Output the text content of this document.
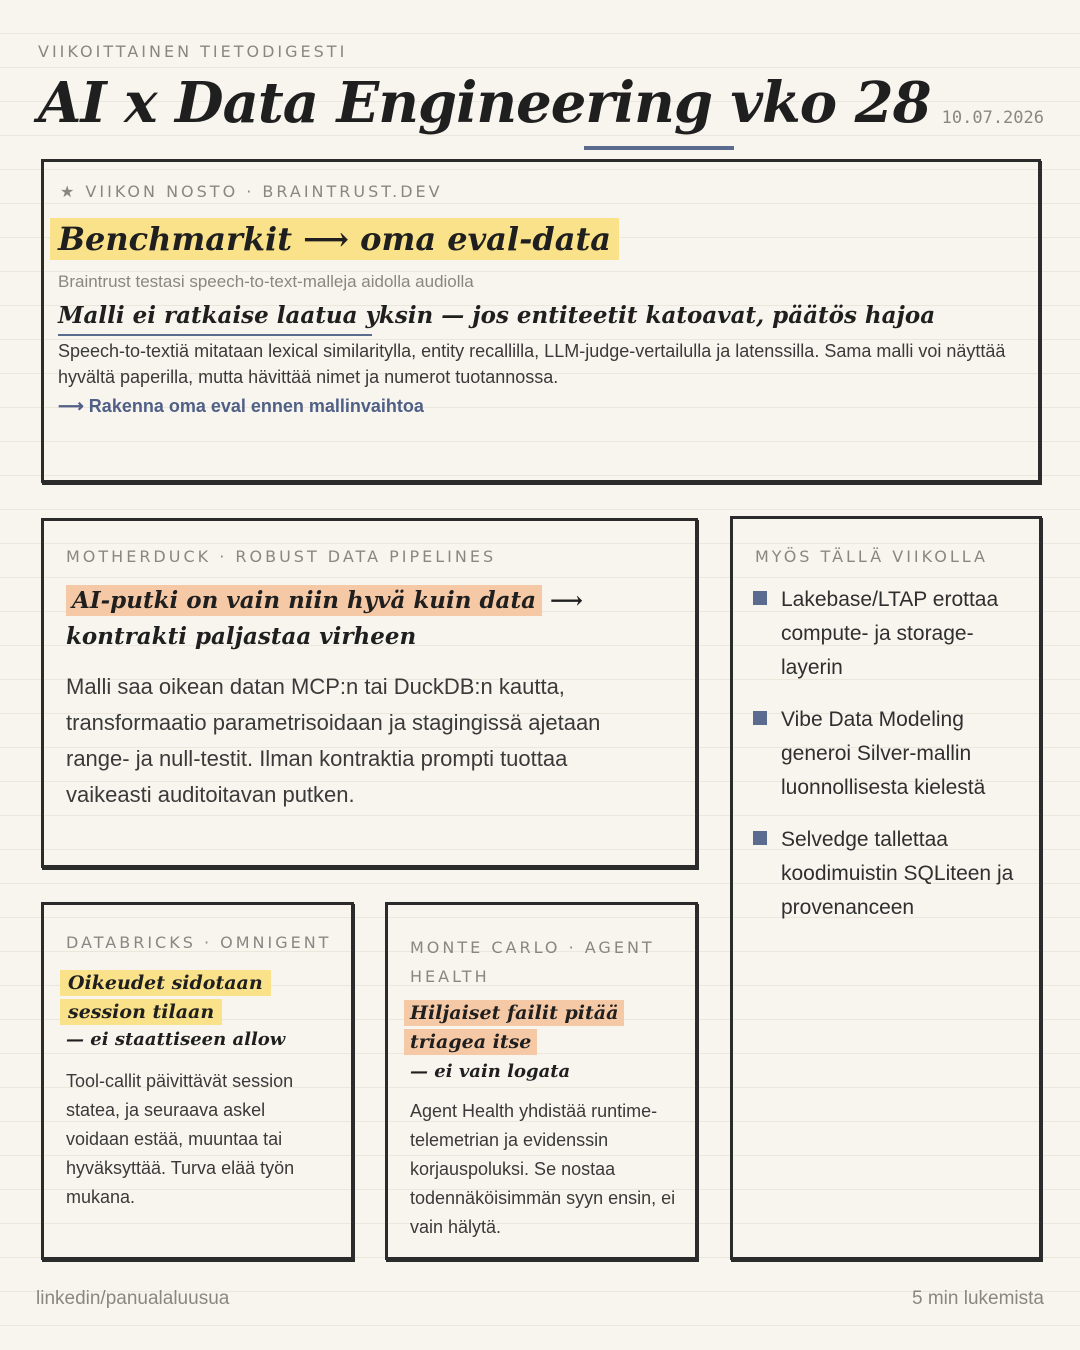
VIIKOITTAINEN TIETODIGESTI
AI x Data Engineering vko 28 10.07.2026
★ VIIKON NOSTO · BRAINTRUST.DEV
Benchmarkit ⟶ oma eval-data
Braintrust testasi speech-to-text-malleja aidolla audiolla
Malli ei ratkaise laatua yksin — jos entiteetit katoavat, päätös hajoa
Speech-to-textiä mitataan lexical similaritylla, entity recallilla, LLM-judge-vertailulla ja latenssilla. Sama malli voi näyttää hyvältä paperilla, mutta hävittää nimet ja numerot tuotannossa.
⟶ Rakenna oma eval ennen mallinvaihtoa
MOTHERDUCK · ROBUST DATA PIPELINES
AI-putki on vain niin hyvä kuin data ⟶ kontrakti paljastaa virheen
Malli saa oikean datan MCP:n tai DuckDB:n kautta, transformaatio parametrisoidaan ja stagingissä ajetaan range- ja null-testit. Ilman kontraktia prompti tuottaa vaikeasti auditoitavan putken.
MYÖS TÄLLÄ VIIKOLLA
Lakebase/LTAP erottaa compute- ja storage-layerin
Vibe Data Modeling generoi Silver-mallin luonnollisesta kielestä
Selvedge tallettaa koodimuistin SQLiteen ja provenanceen
DATABRICKS · OMNIGENT
Oikeudet sidotaan session tilaan
— ei staattiseen allow
Tool-callit päivittävät session statea, ja seuraava askel voidaan estää, muuntaa tai hyväksyttää. Turva elää työn mukana.
MONTE CARLO · AGENT HEALTH
Hiljaiset failit pitää triagea itse
— ei vain logata
Agent Health yhdistää runtime-telemetrian ja evidenssin korjauspoluksi. Se nostaa todennäköisimmän syyn ensin, ei vain hälytä.
linkedin/panualaluusua	5 min lukemista
